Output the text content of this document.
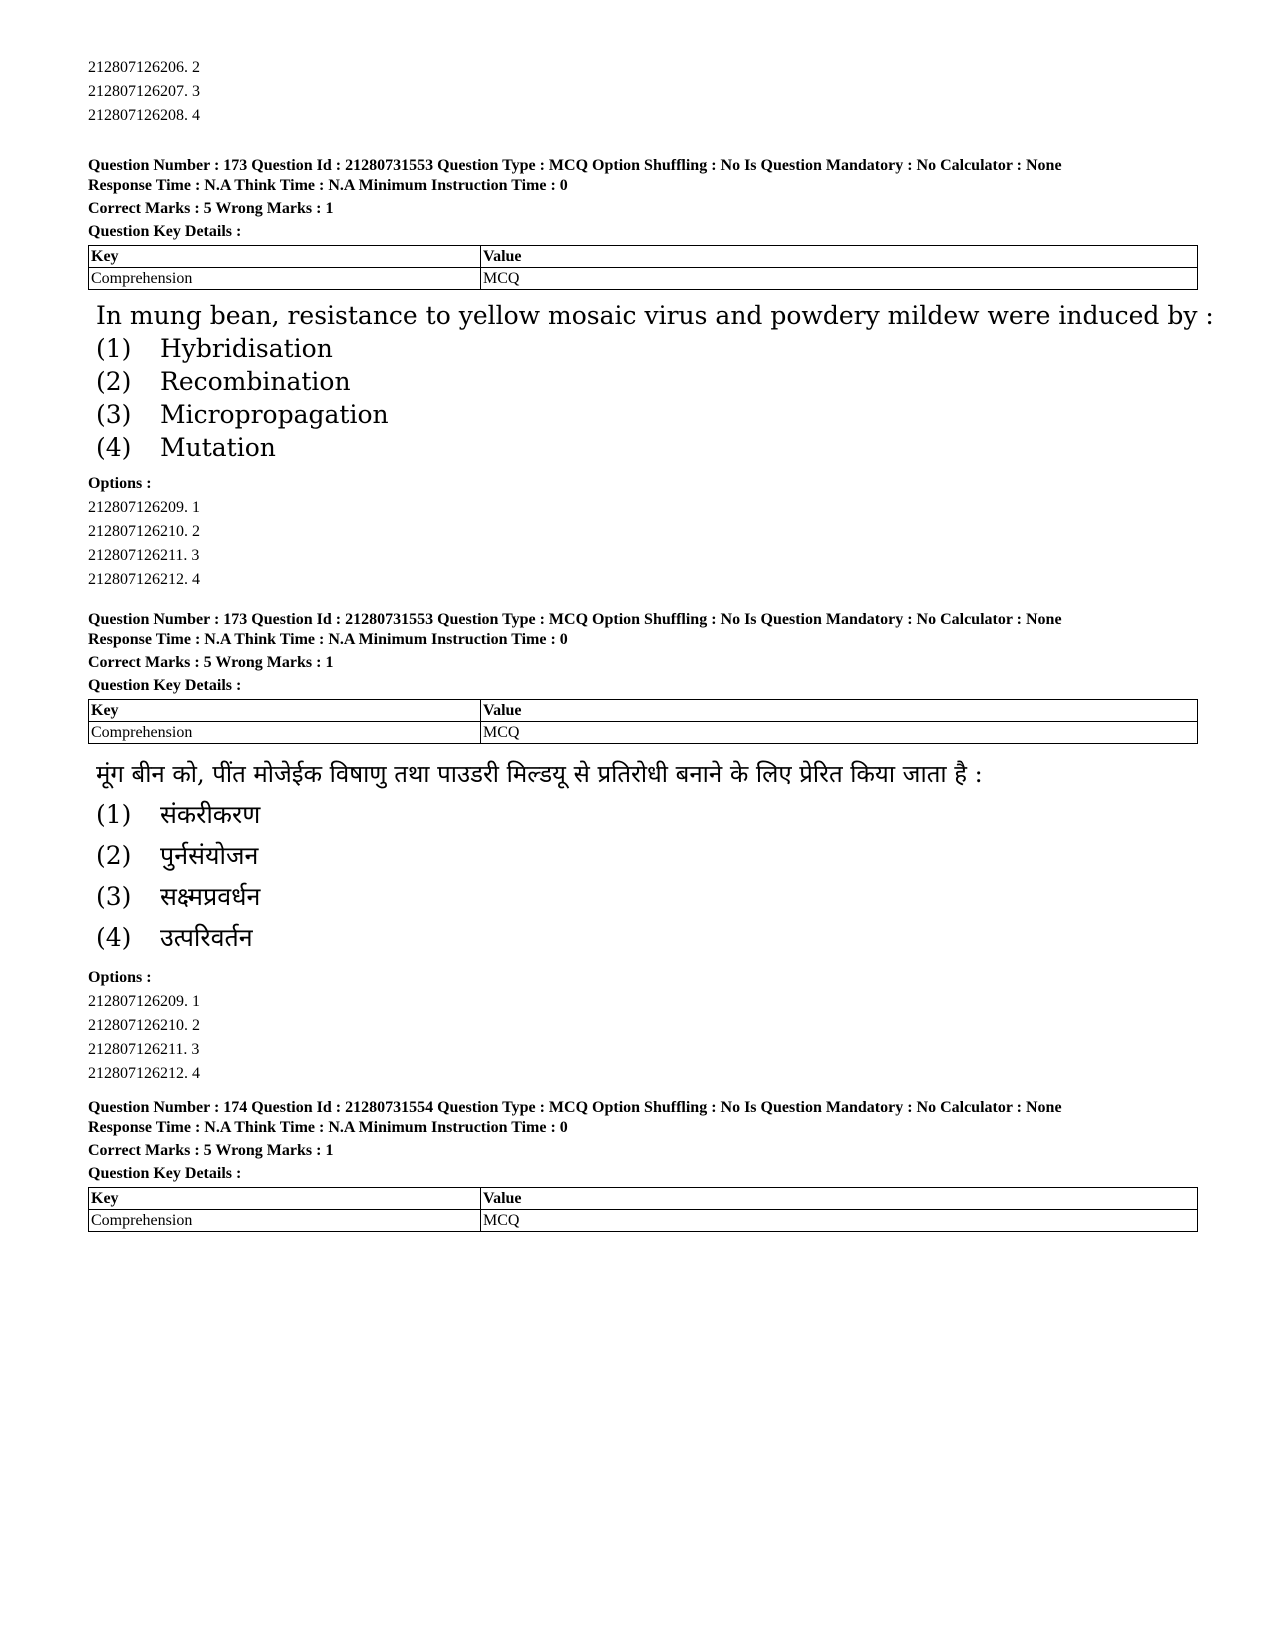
212807126206. 2
212807126207. 3
212807126208. 4
Question Number : 173 Question Id : 21280731553 Question Type : MCQ Option Shuffling : No Is Question Mandatory : No Calculator : None
Response Time : N.A Think Time : N.A Minimum Instruction Time : 0
Correct Marks : 5 Wrong Marks : 1
Question Key Details :
Key	Value
Comprehension	MCQ
In mung bean, resistance to yellow mosaic virus and powdery mildew were induced by :
(1)	Hybridisation
(2)	Recombination
(3)	Micropropagation
(4)	Mutation
Options :
212807126209. 1
212807126210. 2
212807126211. 3
212807126212. 4
Question Number : 173 Question Id : 21280731553 Question Type : MCQ Option Shuffling : No Is Question Mandatory : No Calculator : None
Response Time : N.A Think Time : N.A Minimum Instruction Time : 0
Correct Marks : 5 Wrong Marks : 1
Question Key Details :
Key	Value
Comprehension	MCQ
मूंग बीन को, पींत मोजेईक विषाणु तथा पाउडरी मिल्डयू से प्रतिरोधी बनाने के लिए प्रेरित किया जाता है :
(1)	संकरीकरण
(2)	पुर्नसंयोजन
(3)	सक्ष्मप्रवर्धन
(4)	उत्परिवर्तन
Options :
212807126209. 1
212807126210. 2
212807126211. 3
212807126212. 4
Question Number : 174 Question Id : 21280731554 Question Type : MCQ Option Shuffling : No Is Question Mandatory : No Calculator : None
Response Time : N.A Think Time : N.A Minimum Instruction Time : 0
Correct Marks : 5 Wrong Marks : 1
Question Key Details :
Key	Value
Comprehension	MCQ
